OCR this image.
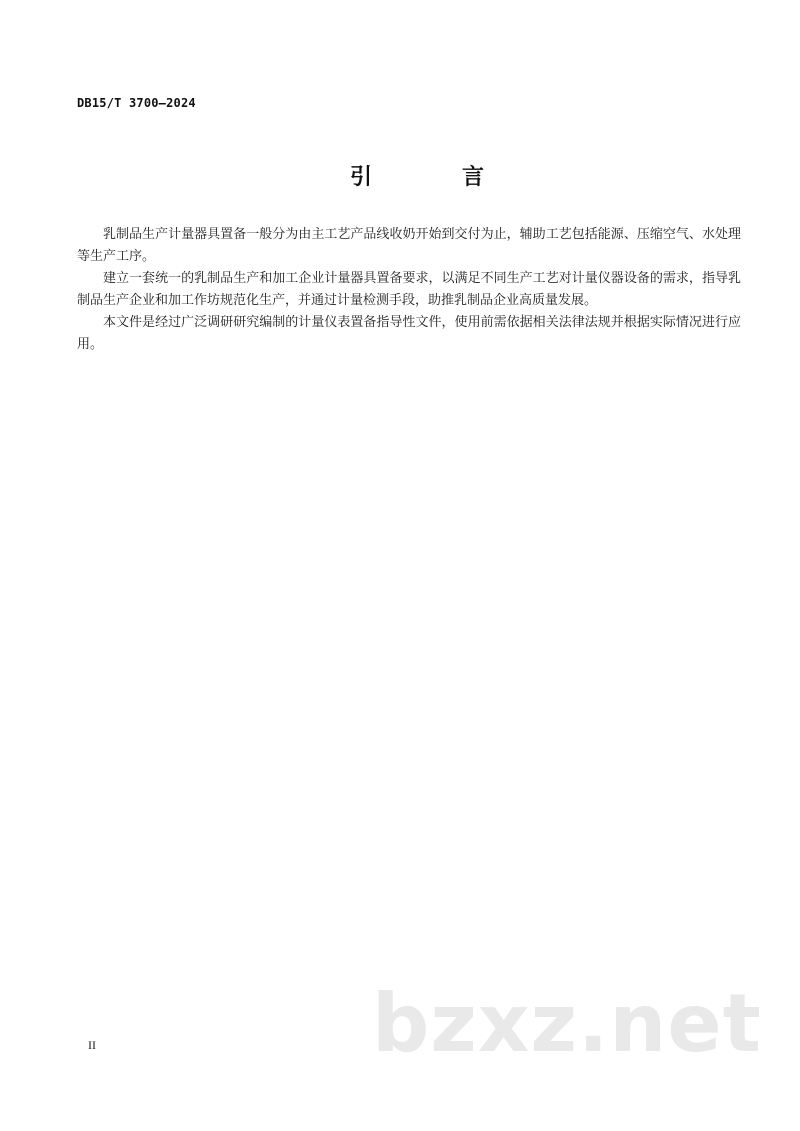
DB15/T 3700—2024
引　言

乳制品生产计量器具置备一般分为由主工艺产品线收奶开始到交付为止，辅助工艺包括能源、压缩空气、水处理等生产工序。

建立一套统一的乳制品生产和加工企业计量器具置备要求，以满足不同生产工艺对计量仪器设备的需求，指导乳制品生产企业和加工作坊规范化生产，并通过计量检测手段，助推乳制品企业高质量发展。

本文件是经过广泛调研研究编制的计量仪表置备指导性文件，使用前需依据相关法律法规并根据实际情况进行应用。

bzxz.net
II
